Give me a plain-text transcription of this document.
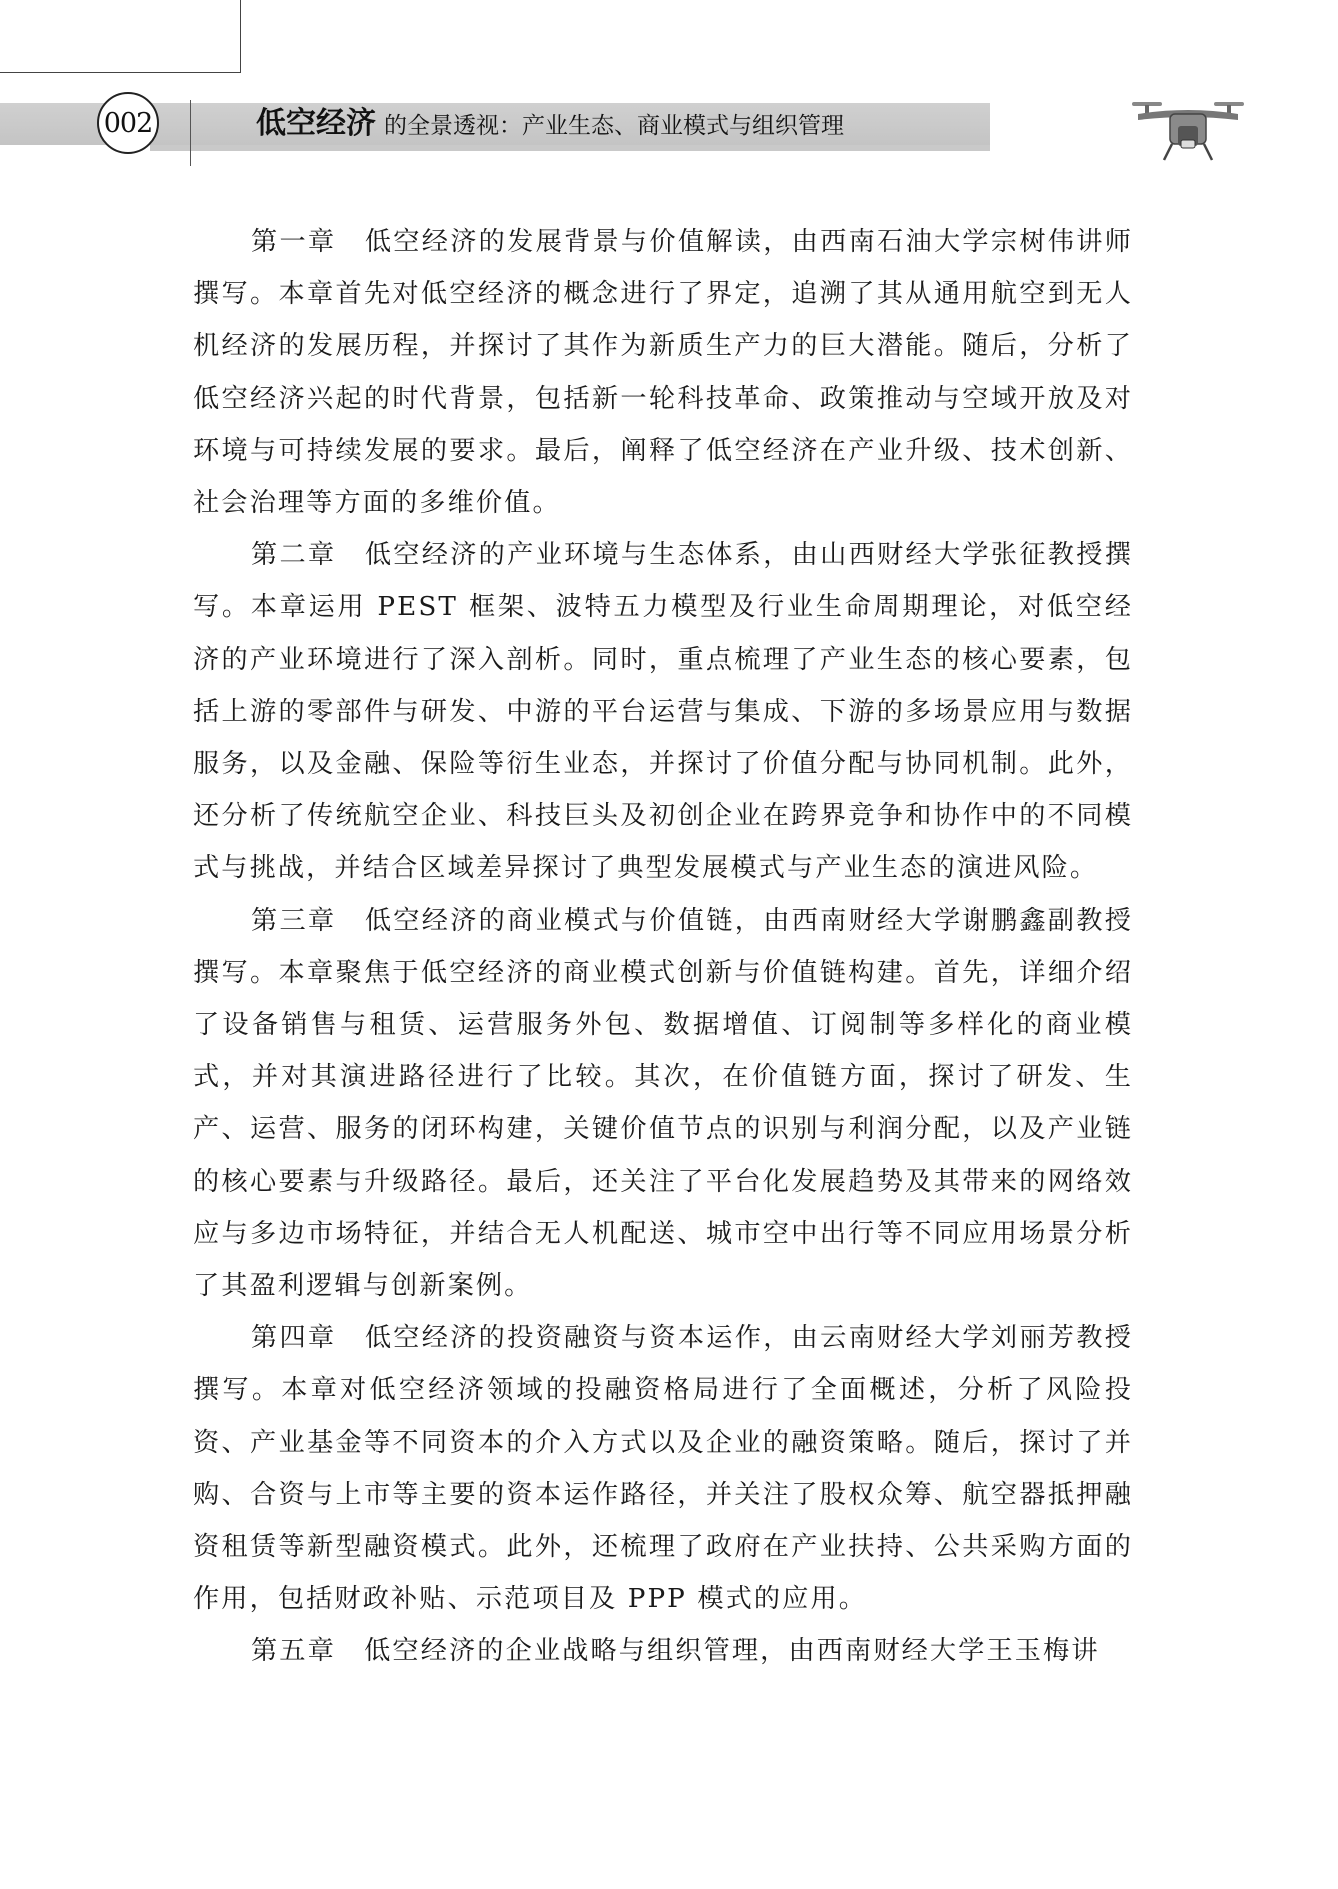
002	低空经济 的全景透视：产业生态、商业模式与组织管理

第一章　低空经济的发展背景与价值解读，由西南石油大学宗树伟讲师撰写。本章首先对低空经济的概念进行了界定，追溯了其从通用航空到无人机经济的发展历程，并探讨了其作为新质生产力的巨大潜能。随后，分析了低空经济兴起的时代背景，包括新一轮科技革命、政策推动与空域开放及对环境与可持续发展的要求。最后，阐释了低空经济在产业升级、技术创新、社会治理等方面的多维价值。

第二章　低空经济的产业环境与生态体系，由山西财经大学张征教授撰写。本章运用 PEST 框架、波特五力模型及行业生命周期理论，对低空经济的产业环境进行了深入剖析。同时，重点梳理了产业生态的核心要素，包括上游的零部件与研发、中游的平台运营与集成、下游的多场景应用与数据服务，以及金融、保险等衍生业态，并探讨了价值分配与协同机制。此外，还分析了传统航空企业、科技巨头及初创企业在跨界竞争和协作中的不同模式与挑战，并结合区域差异探讨了典型发展模式与产业生态的演进风险。

第三章　低空经济的商业模式与价值链，由西南财经大学谢鹏鑫副教授撰写。本章聚焦于低空经济的商业模式创新与价值链构建。首先，详细介绍了设备销售与租赁、运营服务外包、数据增值、订阅制等多样化的商业模式，并对其演进路径进行了比较。其次，在价值链方面，探讨了研发、生产、运营、服务的闭环构建，关键价值节点的识别与利润分配，以及产业链的核心要素与升级路径。最后，还关注了平台化发展趋势及其带来的网络效应与多边市场特征，并结合无人机配送、城市空中出行等不同应用场景分析了其盈利逻辑与创新案例。

第四章　低空经济的投资融资与资本运作，由云南财经大学刘丽芳教授撰写。本章对低空经济领域的投融资格局进行了全面概述，分析了风险投资、产业基金等不同资本的介入方式以及企业的融资策略。随后，探讨了并购、合资与上市等主要的资本运作路径，并关注了股权众筹、航空器抵押融资租赁等新型融资模式。此外，还梳理了政府在产业扶持、公共采购方面的作用，包括财政补贴、示范项目及 PPP 模式的应用。

第五章　低空经济的企业战略与组织管理，由西南财经大学王玉梅讲
